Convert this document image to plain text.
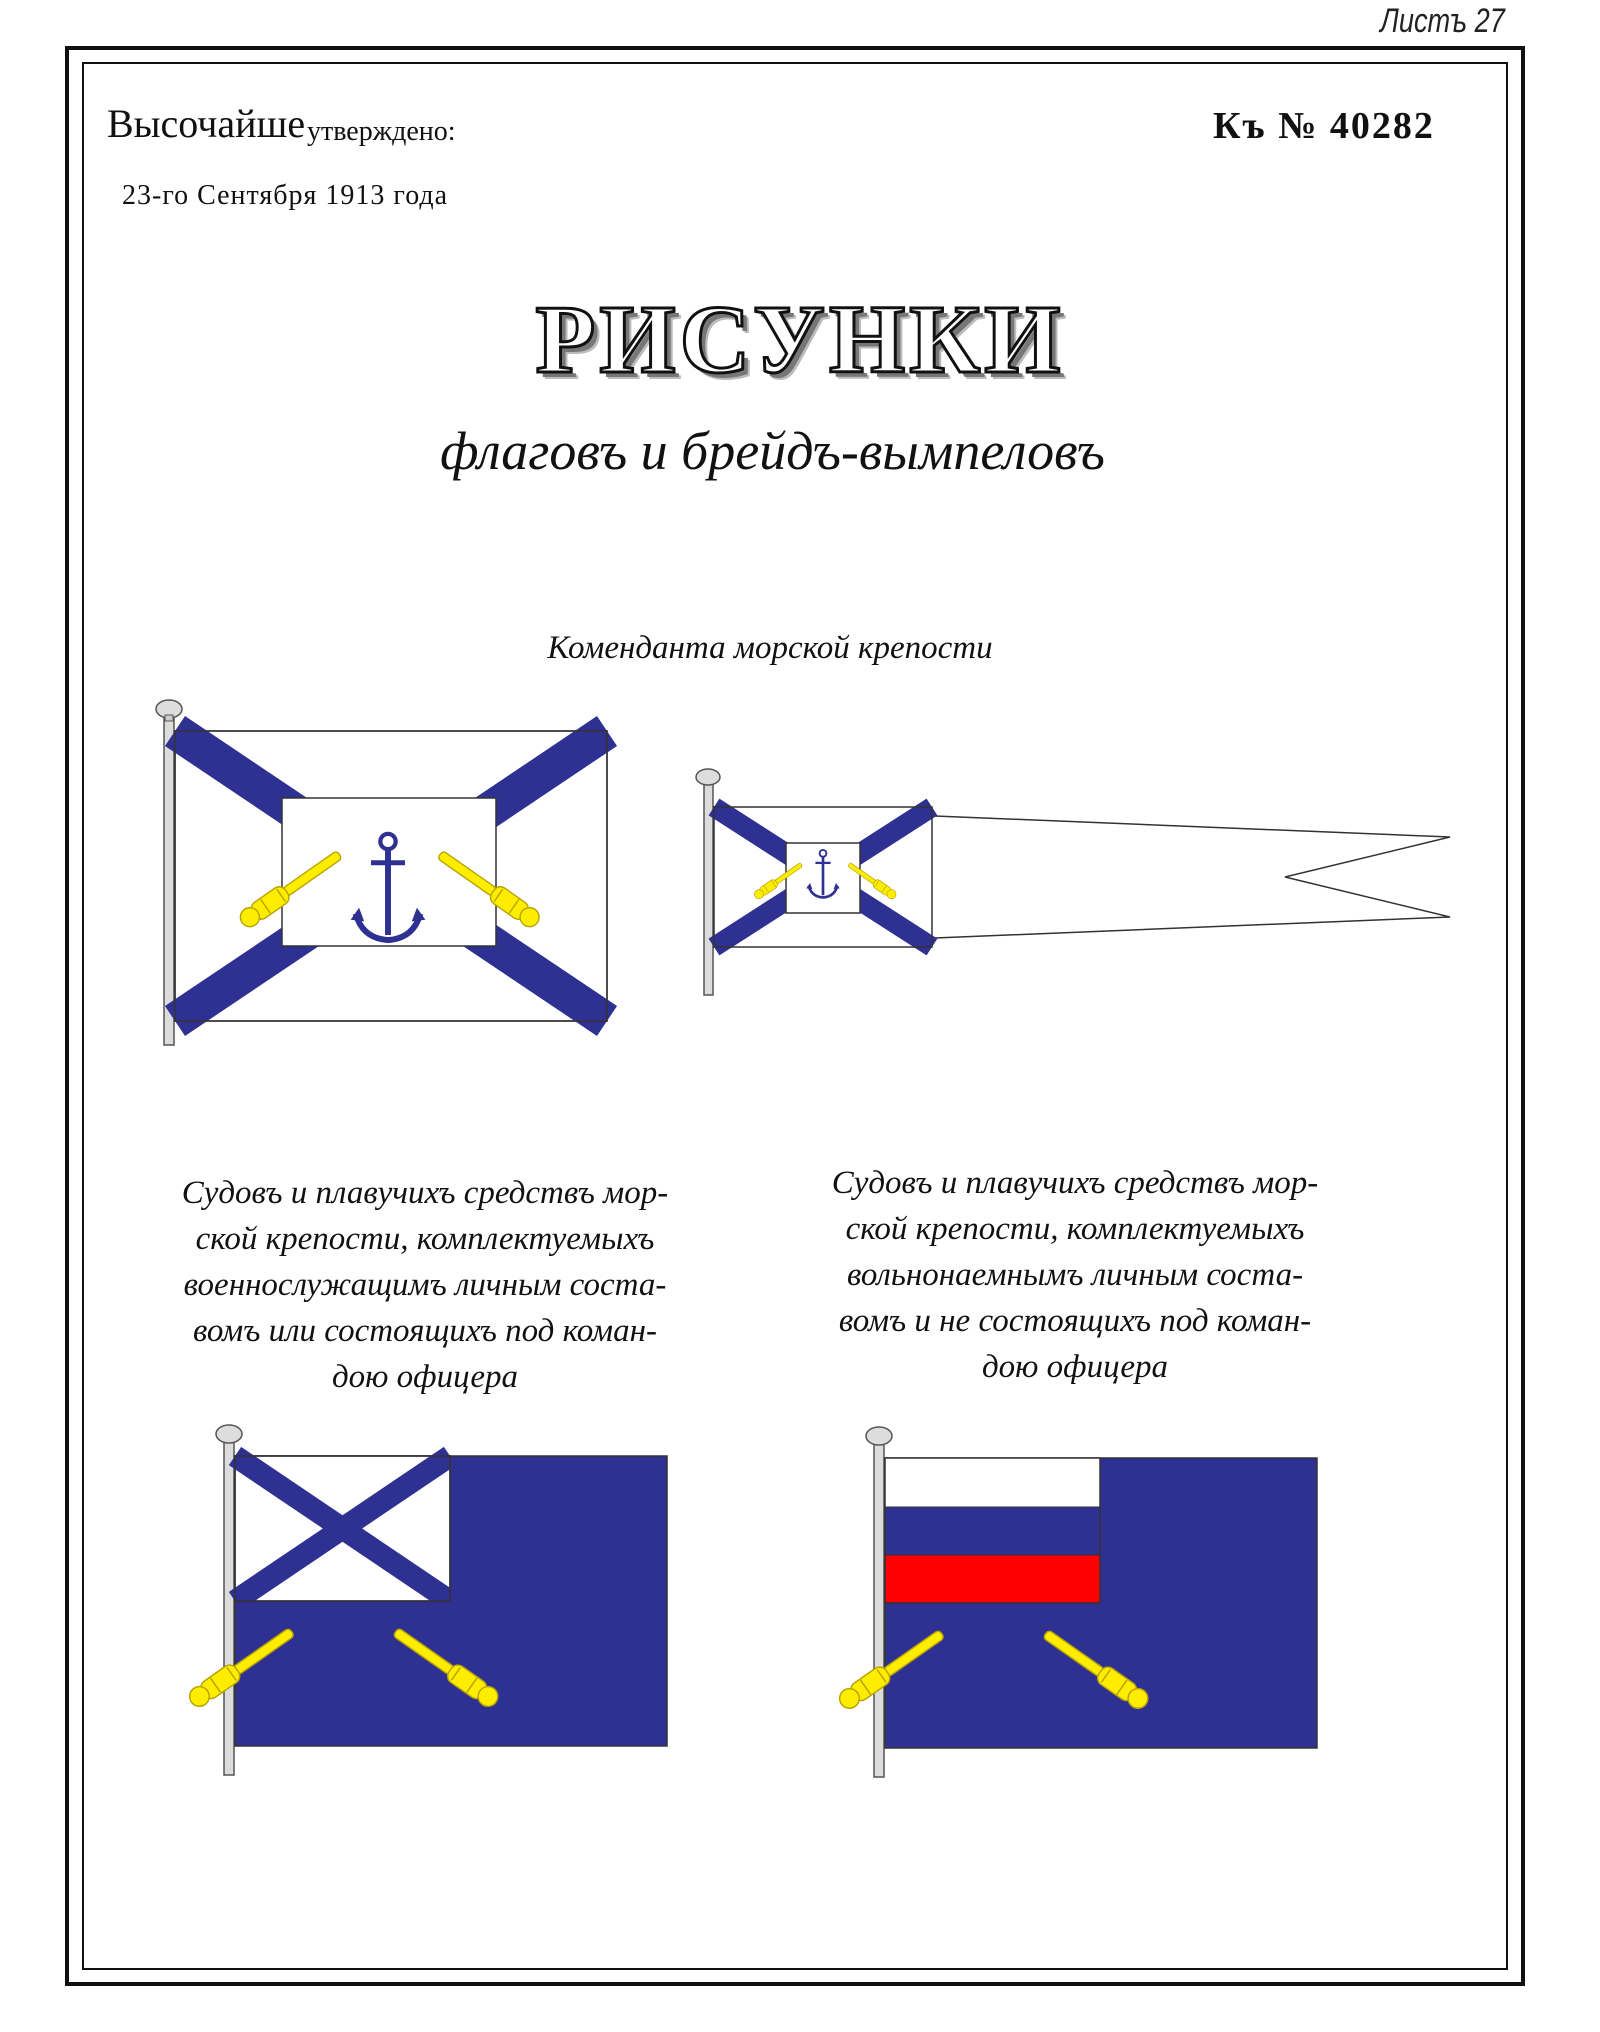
Листъ 27
Высочайше утверждено:
23-го Сентября 1913 года
Къ № 40282
РИСУНКИ
флаговъ и брейдъ-вымпеловъ
Коменданта морской крепости
Судовъ и плавучихъ средствъ мор-
ской крепости, комплектуемыхъ
военнослужащимъ личным соста-
вомъ или состоящихъ под коман-
дою офицера
Судовъ и плавучихъ средствъ мор-
ской крепости, комплектуемыхъ
вольнонаемнымъ личным соста-
вомъ и не состоящихъ под коман-
дою офицера
